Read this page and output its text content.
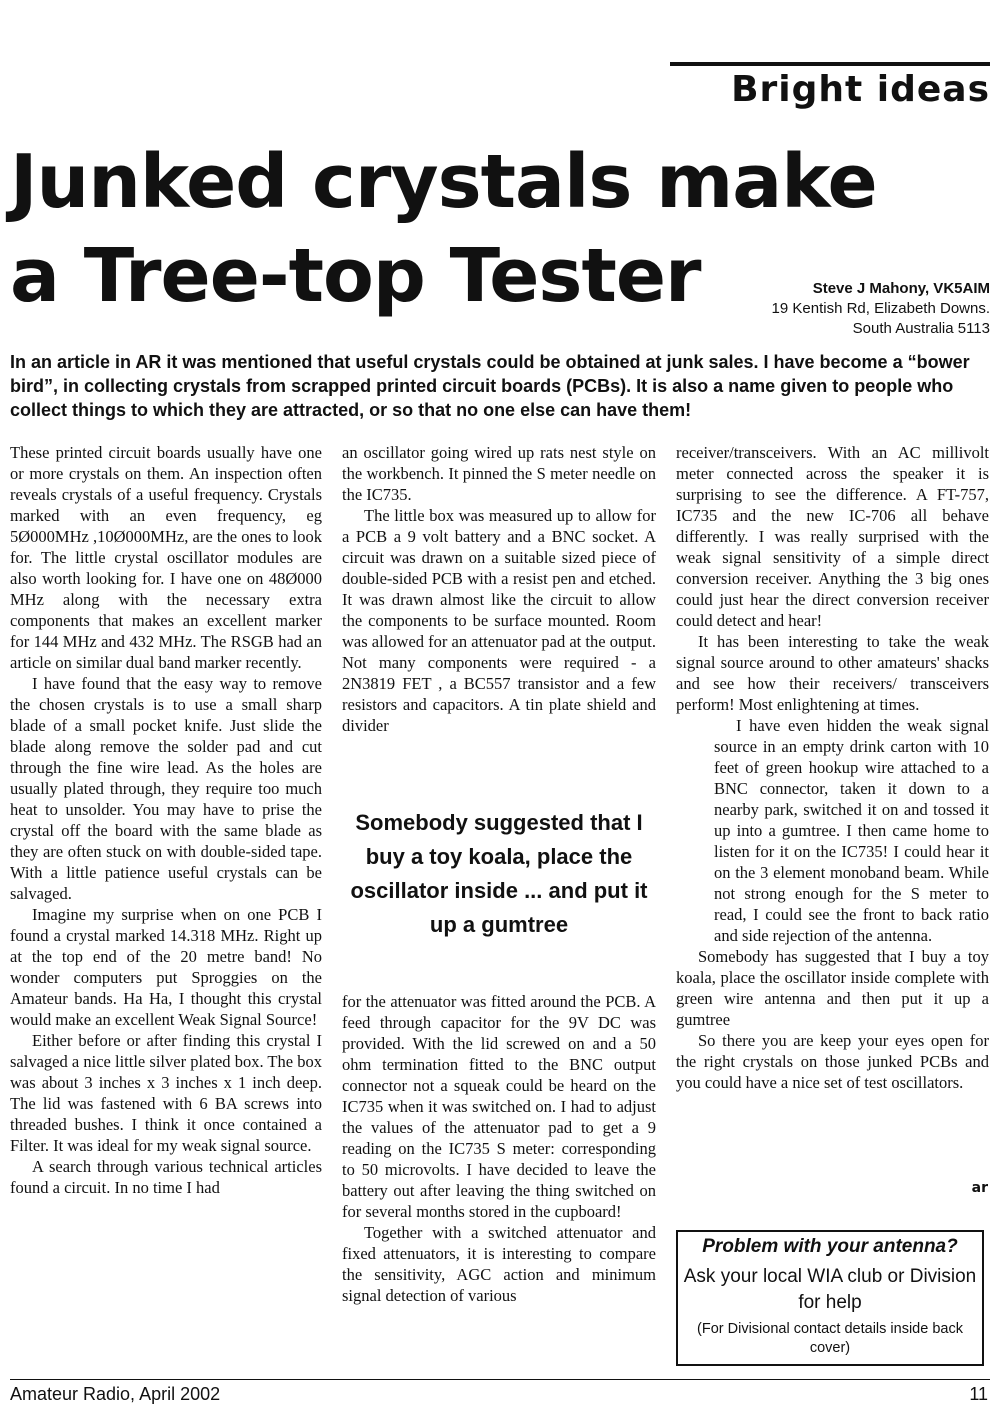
Bright ideas
Junked crystals make
a Tree-top Tester	Steve J Mahony, VK5AIM
19 Kentish Rd, Elizabeth Downs.
South Australia 5113

In an article in AR it was mentioned that useful crystals could be obtained at junk sales. I have become a “bower bird”, in collecting crystals from scrapped printed circuit boards (PCBs). It is also a name given to people who collect things to which they are attracted, or so that no one else can have them!

These printed circuit boards usually have one or more crystals on them. An inspection often reveals crystals of a useful frequency. Crystals marked with an even frequency, eg 5Ø000MHz ,10Ø000MHz, are the ones to look for. The little crystal oscillator modules are also worth looking for. I have one on 48Ø000 MHz along with the necessary extra components that makes an excellent marker for 144 MHz and 432 MHz. The RSGB had an article on similar dual band marker recently.

I have found that the easy way to remove the chosen crystals is to use a small sharp blade of a small pocket knife. Just slide the blade along remove the solder pad and cut through the fine wire lead. As the holes are usually plated through, they require too much heat to unsolder. You may have to prise the crystal off the board with the same blade as they are often stuck on with double-sided tape. With a little patience useful crystals can be salvaged.

Imagine my surprise when on one PCB I found a crystal marked 14.318 MHz. Right up at the top end of the 20 metre band! No wonder computers put Sproggies on the Amateur bands. Ha Ha, I thought this crystal would make an excellent Weak Signal Source!

Either before or after finding this crystal I salvaged a nice little silver plated box. The box was about 3 inches x 3 inches x 1 inch deep. The lid was fastened with 6 BA screws into threaded bushes. I think it once contained a Filter. It was ideal for my weak signal source.

A search through various technical articles found a circuit. In no time I had

an oscillator going wired up rats nest style on the workbench. It pinned the S meter needle on the IC735.

The little box was measured up to allow for a PCB a 9 volt battery and a BNC socket. A circuit was drawn on a suitable sized piece of double-sided PCB with a resist pen and etched. It was drawn almost like the circuit to allow the components to be surface mounted. Room was allowed for an attenuator pad at the output. Not many components were required - a 2N3819 FET , a BC557 transistor and a few resistors and capacitors. A tin plate shield and divider

Somebody suggested that I buy a toy koala, place the oscillator inside ... and put it up a gumtree

for the attenuator was fitted around the PCB. A feed through capacitor for the 9V DC was provided. With the lid screwed on and a 50 ohm termination fitted to the BNC output connector not a squeak could be heard on the IC735 when it was switched on. I had to adjust the values of the attenuator pad to get a 9 reading on the IC735 S meter: corresponding to 50 microvolts. I have decided to leave the battery out after leaving the thing switched on for several months stored in the cupboard!

Together with a switched attenuator and fixed attenuators, it is interesting to compare the sensitivity, AGC action and minimum signal detection of various

receiver/transceivers. With an AC millivolt meter connected across the speaker it is surprising to see the difference. A FT-757, IC735 and the new IC-706 all behave differently. I was really surprised with the weak signal sensitivity of a simple direct conversion receiver. Anything the 3 big ones could just hear the direct conversion receiver could detect and hear!

It has been interesting to take the weak signal source around to other amateurs' shacks and see how their receivers/ transceivers perform! Most enlightening at times.

I have even hidden the weak signal source in an empty drink carton with 10 feet of green hookup wire attached to a BNC connector, taken it down to a nearby park, switched it on and tossed it up into a gumtree. I then came home to listen for it on the IC735! I could hear it on the 3 element monoband beam. While not strong enough for the S meter to read, I could see the front to back ratio and side rejection of the antenna.

Somebody has suggested that I buy a toy koala, place the oscillator inside complete with green wire antenna and then put it up a gumtree

So there you are keep your eyes open for the right crystals on those junked PCBs and you could have a nice set of test oscillators.

ar
Problem with your antenna?
Ask your local WIA club or Division for help
(For Divisional contact details inside back cover)
Amateur Radio, April 2002	11
